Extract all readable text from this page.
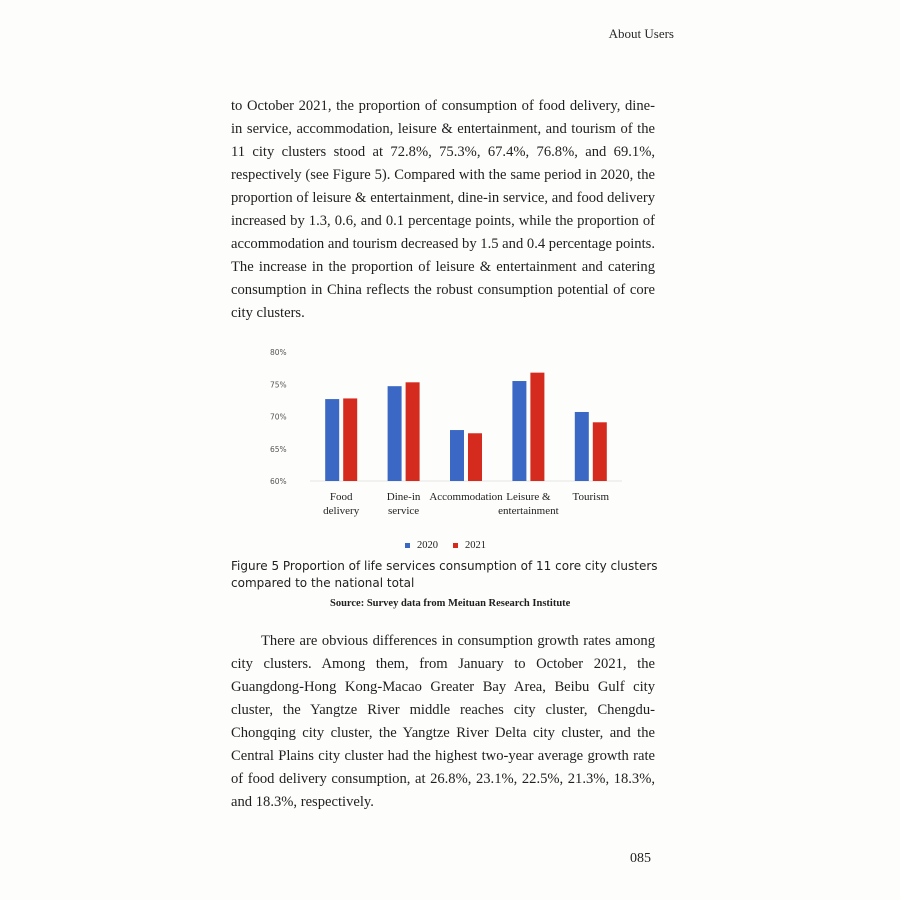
About Users

to October 2021, the proportion of consumption of food delivery, dine-in service, accommodation, leisure & entertainment, and tourism of the 11 city clusters stood at 72.8%, 75.3%, 67.4%, 76.8%, and 69.1%, respectively (see Figure 5). Compared with the same period in 2020, the proportion of leisure & entertainment, dine-in service, and food delivery increased by 1.3, 0.6, and 0.1 percentage points, while the proportion of accommodation and tourism decreased by 1.5 and 0.4 percentage points. The increase in the proportion of leisure & entertainment and catering consumption in China reflects the robust consumption potential of core city clusters.

60%
65%
70%
75%
80%
Food
delivery
Dine-in
service
Accommodation Leisure &
entertainment
Tourism
2020	2021

Figure 5 Proportion of life services consumption of 11 core city clusters compared to the national total

Source: Survey data from Meituan Research Institute

There are obvious differences in consumption growth rates among city clusters. Among them, from January to October 2021, the Guangdong-Hong Kong-Macao Greater Bay Area, Beibu Gulf city cluster, the Yangtze River middle reaches city cluster, Chengdu-Chongqing city cluster, the Yangtze River Delta city cluster, and the Central Plains city cluster had the highest two-year average growth rate of food delivery consumption, at 26.8%, 23.1%, 22.5%, 21.3%, 18.3%, and 18.3%, respectively.

085
